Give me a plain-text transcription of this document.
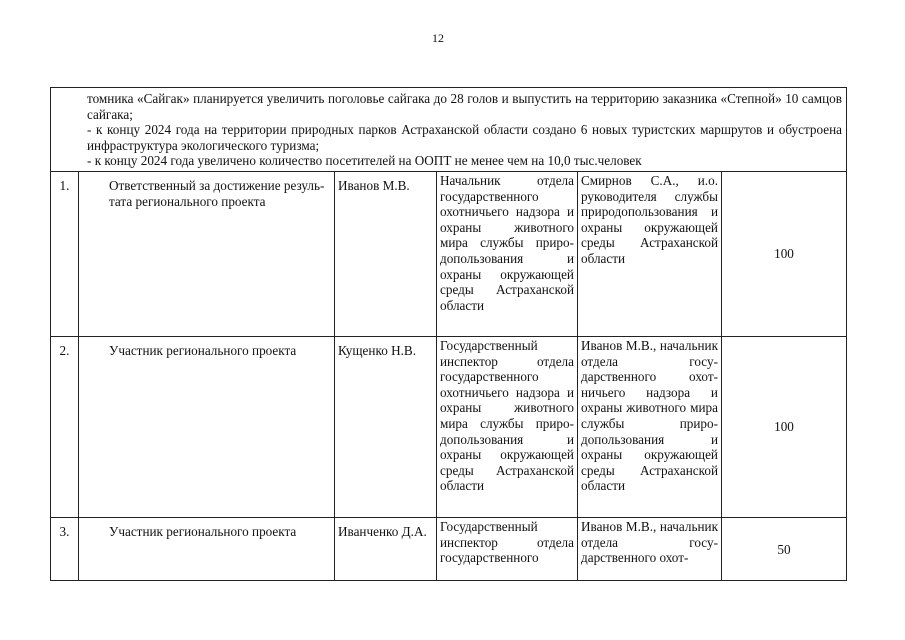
12

томника «Сайгак» планируется увеличить поголовье сайгака до 28 голов и выпустить на территорию заказника «Степной» 10 самцов сайгака;

- к концу 2024 года на территории природных парков Астраханской области создано 6 новых туристских маршрутов и обустроена инфраструктура экологического туризма;

- к концу 2024 года увеличено количество посетителей на ООПТ не менее чем на 10,0 тыс.человек					

1.	Ответственный за достижение результата регионального проекта	Иванов М.В.	Начальник отдела государственного охотничьего надзора и охраны животного мира службы природопользования и охраны окружающей среды Астраханской области	Смирнов С.А., и.о. руководителя службы природопользования и охраны окружающей среды Астраханской области	100
2.	Участник регионального проекта	Кущенко Н.В.	Государственный инспектор отдела государственного охотничьего надзора и охраны животного мира службы природопользования и охраны окружающей среды Астраханской области	Иванов М.В., начальник отдела государственного охотничьего надзора и охраны животного мира службы природопользования и охраны окружающей среды Астраханской области	100
3.	Участник регионального проекта	Иванченко Д.А.	Государственный инспектор отдела государственного	Иванов М.В., начальник отдела государственного охот-	50
